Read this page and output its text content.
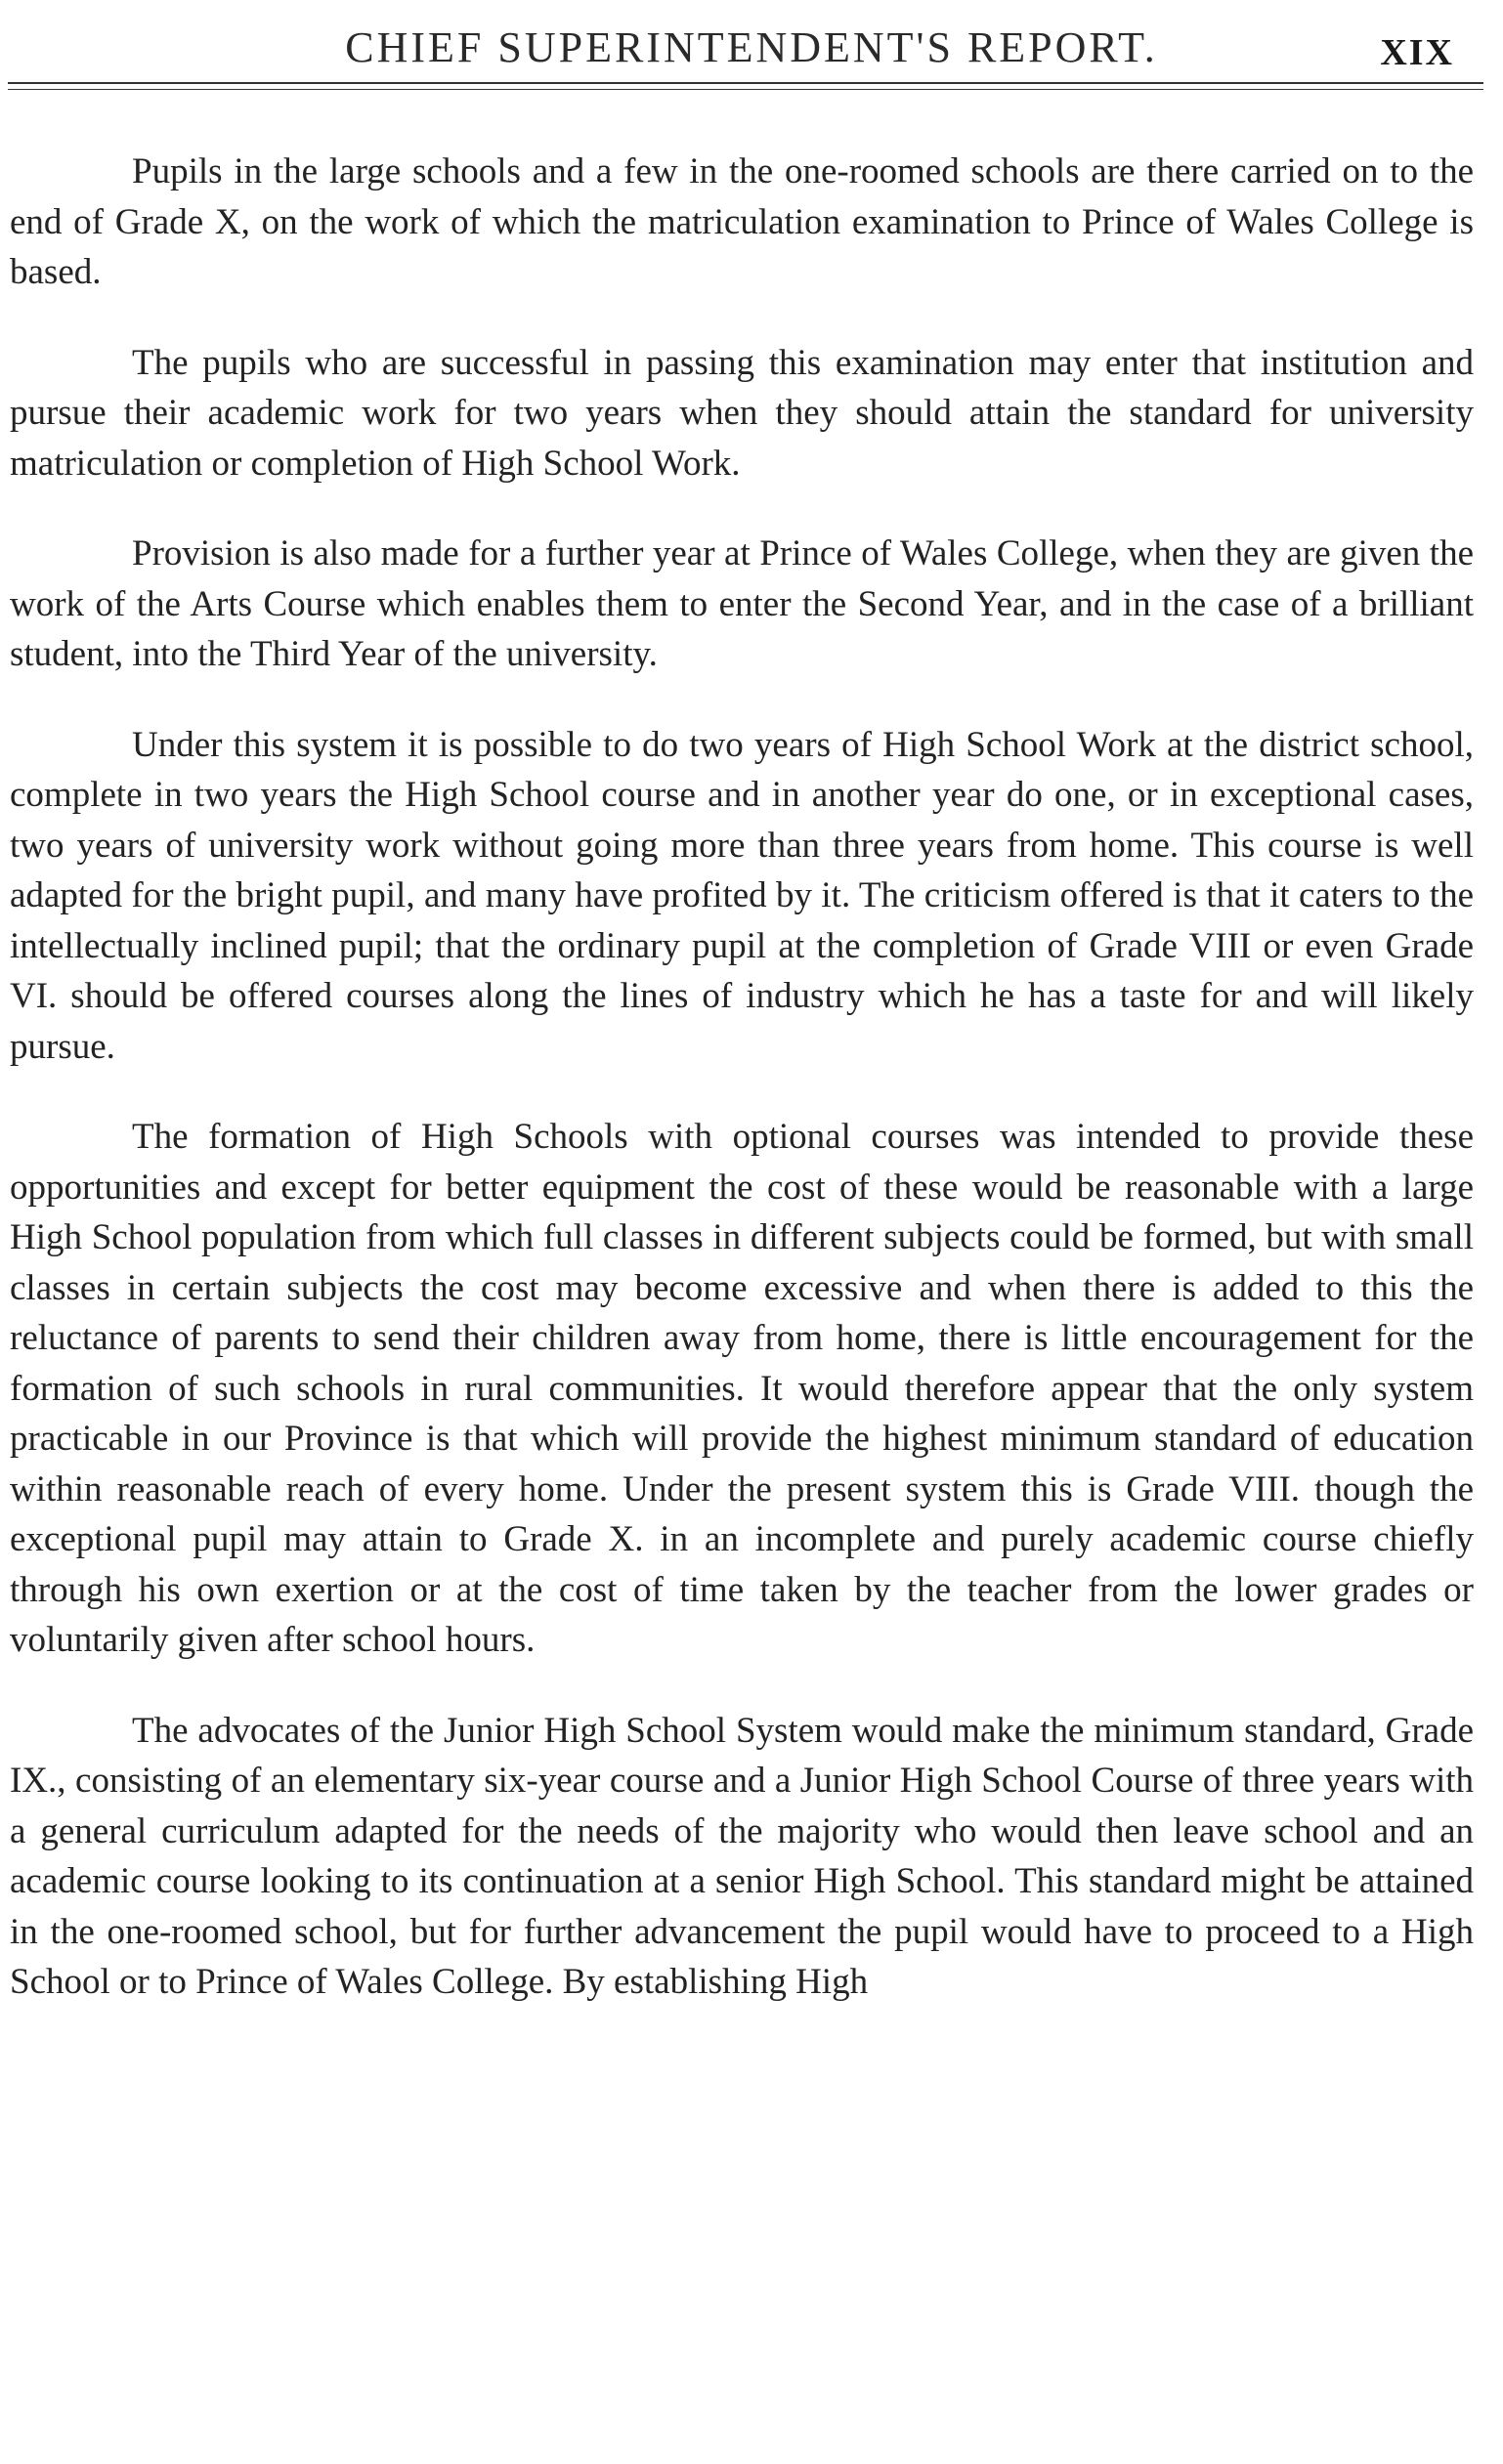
CHIEF SUPERINTENDENT'S REPORT.	XIX

Pupils in the large schools and a few in the one-roomed schools are there carried on to the end of Grade X, on the work of which the matriculation examination to Prince of Wales College is based.

The pupils who are successful in passing this examination may enter that institution and pursue their academic work for two years when they should attain the standard for university matriculation or completion of High School Work.

Provision is also made for a further year at Prince of Wales College, when they are given the work of the Arts Course which enables them to enter the Second Year, and in the case of a brilliant student, into the Third Year of the university.

Under this system it is possible to do two years of High School Work at the district school, complete in two years the High School course and in another year do one, or in exceptional cases, two years of university work without going more than three years from home. This course is well adapted for the bright pupil, and many have profited by it. The criticism offered is that it caters to the intellectually inclined pupil; that the ordinary pupil at the completion of Grade VIII or even Grade VI. should be offered courses along the lines of industry which he has a taste for and will likely pursue.

The formation of High Schools with optional courses was intended to provide these opportunities and except for better equipment the cost of these would be reasonable with a large High School population from which full classes in different subjects could be formed, but with small classes in certain subjects the cost may become excessive and when there is added to this the reluctance of parents to send their children away from home, there is little encouragement for the formation of such schools in rural communities. It would therefore appear that the only system practicable in our Province is that which will provide the highest minimum standard of education within reasonable reach of every home. Under the present system this is Grade VIII. though the exceptional pupil may attain to Grade X. in an incomplete and purely academic course chiefly through his own exertion or at the cost of time taken by the teacher from the lower grades or voluntarily given after school hours.

The advocates of the Junior High School System would make the minimum standard, Grade IX., consisting of an elementary six-year course and a Junior High School Course of three years with a general curriculum adapted for the needs of the majority who would then leave school and an academic course looking to its continuation at a senior High School. This standard might be attained in the one-roomed school, but for further advancement the pupil would have to proceed to a High School or to Prince of Wales College. By establishing High
